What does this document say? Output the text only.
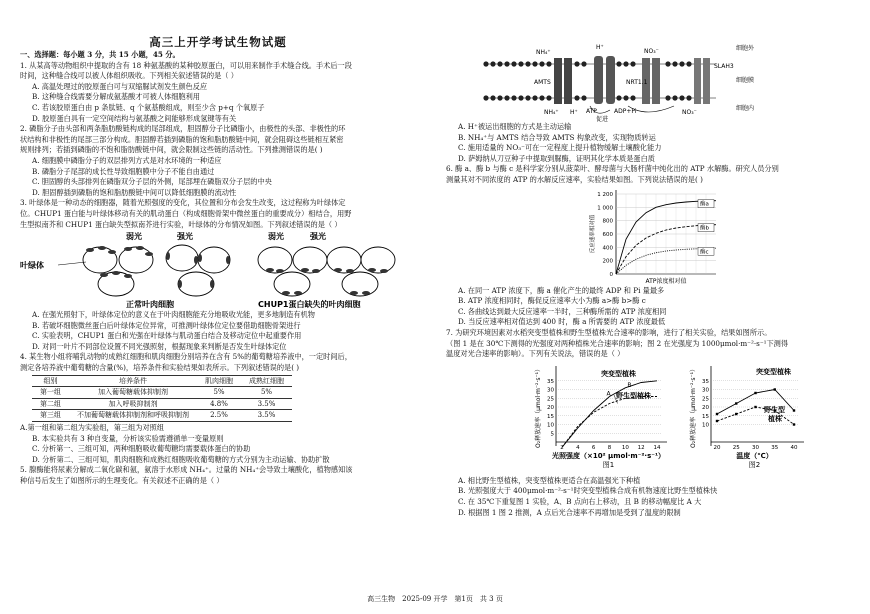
高三上开学考试生物试题

一、选择题：每小题 3 分，共 15 小题，45 分。

1. 从某高等动物组织中提取的含有 18 种氨基酸的某种胶原蛋白，可以用来制作手术缝合线。手术后一段

时间，这种缝合线可以被人体组织吸收。下列相关叙述错误的是（ ）

A. 高温处理过的胶原蛋白可与双缩脲试剂发生颜色反应

B. 这种缝合线需要分解成氨基酸才可被人体细胞利用

C. 若该胶原蛋白由 p 条肽链、q 个氨基酸组成，则至少含 p+q 个氧原子

D. 胶原蛋白具有一定空间结构与氨基酸之间能够形成氢键等有关

2. 磷脂分子由头部和两条脂肪酸链构成的尾部组成，胆固醇分子比磷脂小，由极性的头部、非极性的环

状结构和非极性的尾部三部分构成。胆固醇若插到磷脂的饱和脂肪酸链中间，就会阻碍这些链相互紧密

规则排列；若插到磷脂的不饱和脂肪酸链中间，就会限制这些链的活动性。下列推测错误的是( )

A. 细胞膜中磷脂分子的双层排列方式是对水环境的一种适应

B. 磷脂分子尾部的成长性导致细胞膜中分子不能自由通过

C. 胆固醇的头部排列在磷脂双分子层的外侧，尾部埋在磷脂双分子层的中央

D. 胆固醇插到磷脂的饱和脂肪酸链中间可以降低细胞膜的流动性

3. 叶绿体是一种动态的细胞器，随着光照强度的变化，其位置和分布会发生改变，这过程称为叶绿体定

位。CHUP1 蛋白能与叶绿体移动有关的肌动蛋白（构成细胞骨架中微丝蛋白的重要成分）相结合，用野

生型拟南芥和 CHUP1 蛋白缺失型拟南芥进行实验，叶绿体的分布情况如图。下列叙述错误的是（ ）

弱光	强光	弱光	强光
叶绿体
正常叶肉细胞	CHUP1蛋白缺失的叶肉细胞

A. 在强光照射下，叶绿体定位的意义在于叶肉细胞能充分地吸收光能，更多地制造有机物

B. 若破坏细胞微丝蛋白后叶绿体定位异常，可推测叶绿体位定位要借助细胞骨架进行

C. 实验表明，CHUP1 蛋白和光强在叶绿体与肌动蛋白结合及移动定位中起重要作用

D. 对同一叶片不同部位设置不同光强照射，根据现象来判断是否发生叶绿体定位

4. 某生物小组将哺乳动物的成熟红细胞和肌肉细胞分别培养在含有 5%的葡萄糖培养液中，一定时间后，

测定各培养液中葡萄糖的含量(%)，培养条件和实验结果如表所示。下列叙述错误的是( )

组别	培养条件	肌肉细胞	成熟红细胞
第一组	加入葡萄糖载体抑制剂	5%	5%
第二组	加入呼吸抑制剂	4.8%	3.5%
第三组	不加葡萄糖载体抑制剂和呼吸抑制剂	2.5%	3.5%

A.第一组和第二组为实验组，第三组为对照组

B. 本实验共有 3 种自变量，分析该实验需遵循单一变量原则

C. 分析第一、三组可知，两种细胞吸收葡萄糖均需要载体蛋白的协助

D. 分析第二、三组可知，肌肉细胞和成熟红细胞吸收葡萄糖的方式分别为主动运输、协助扩散

5. 腺酶能将尿素分解成二氧化碳和氨，氨溶于水形成 NH₄⁺。过量的 NH₄⁺会导致土壤酸化，植物感知该

种信号后发生了如图所示的生理变化。有关叙述不正确的是（ ）

NH₄⁺
H⁺
AMTS
ATP
NRT1.1
SLAH3
ADP+Pi
NH₄⁺ H⁺	NO₃⁻
NO₃⁻
促进
细胞外
细胞膜
细胞内

A. H⁺被运出细胞的方式是主动运输

B. NH₄⁺与 AMTS 结合导致 AMTS 构象改变，实现物质转运

C. 施用适量的 NO₃⁻可在一定程度上提升植物缓解土壤酸化能力

D. 萨姆纳从刀豆种子中提取到脲酶，证明其化学本质是蛋白质

6. 酶 a、酶 b 与酶 c 是科学家分别从菠菜叶、酵母菌与大肠杆菌中纯化出的 ATP 水解酶。研究人员分别

测量其对不同浓度的 ATP 的水解反应速率，实验结果如图。下列说法错误的是( )

0
200
400
600
800
1 000
1 200
酶a
酶b
酶c
ATP浓度相对值
反应速率相对值

A. 在同一 ATP 浓度下，酶 a 催化产生的最终 ADP 和 Pi 量最多

B. ATP 浓度相同时，酶促反应速率大小为酶 a>酶 b>酶 c

C. 各曲线达到最大反应速率一半时，三种酶所需的 ATP 浓度相同

D. 当反应速率相对值达到 400 时，酶 a 所需要的 ATP 浓度最低

7. 为研究环境因素对水稻突变型植株和野生型植株光合速率的影响，进行了相关实验，结果如图所示。

（图 1 是在 30℃下测得的光强度对两种植株光合速率的影响；图 2 在光强度为 1000μmol·m⁻²·s⁻¹下测得

温度对光合速率的影响）。下列有关说法，错误的是（ ）

5
10
15
20
25
30
35
2 4 6 8 10 12 14
光照强度（×10² μmol·m⁻²·s⁻¹）
图1
O₂释放速率（μmol·m⁻²·s⁻¹）	突变型植株
野生型植株
A
B
10
15
20
25
30
35
20 25 30 35 40
温度（℃）
图2
O₂释放速率（μmol·m⁻²·s⁻¹）	突变型植株
野生型
植株

A. 相比野生型植株，突变型植株更适合在高温强光下种植

B. 光照强度大于 400μmol·m⁻²·s⁻¹时突变型植株合成有机物速度比野生型植株快

C. 在 35℃下重复图 1 实验，A、B 点向右上移动，且 B 的移动幅度比 A 大

D. 根据图 1 图 2 推测，A 点后光合速率不再增加是受到了温度的限制

高三生物　2025-09 开学　第1页　共 3 页
